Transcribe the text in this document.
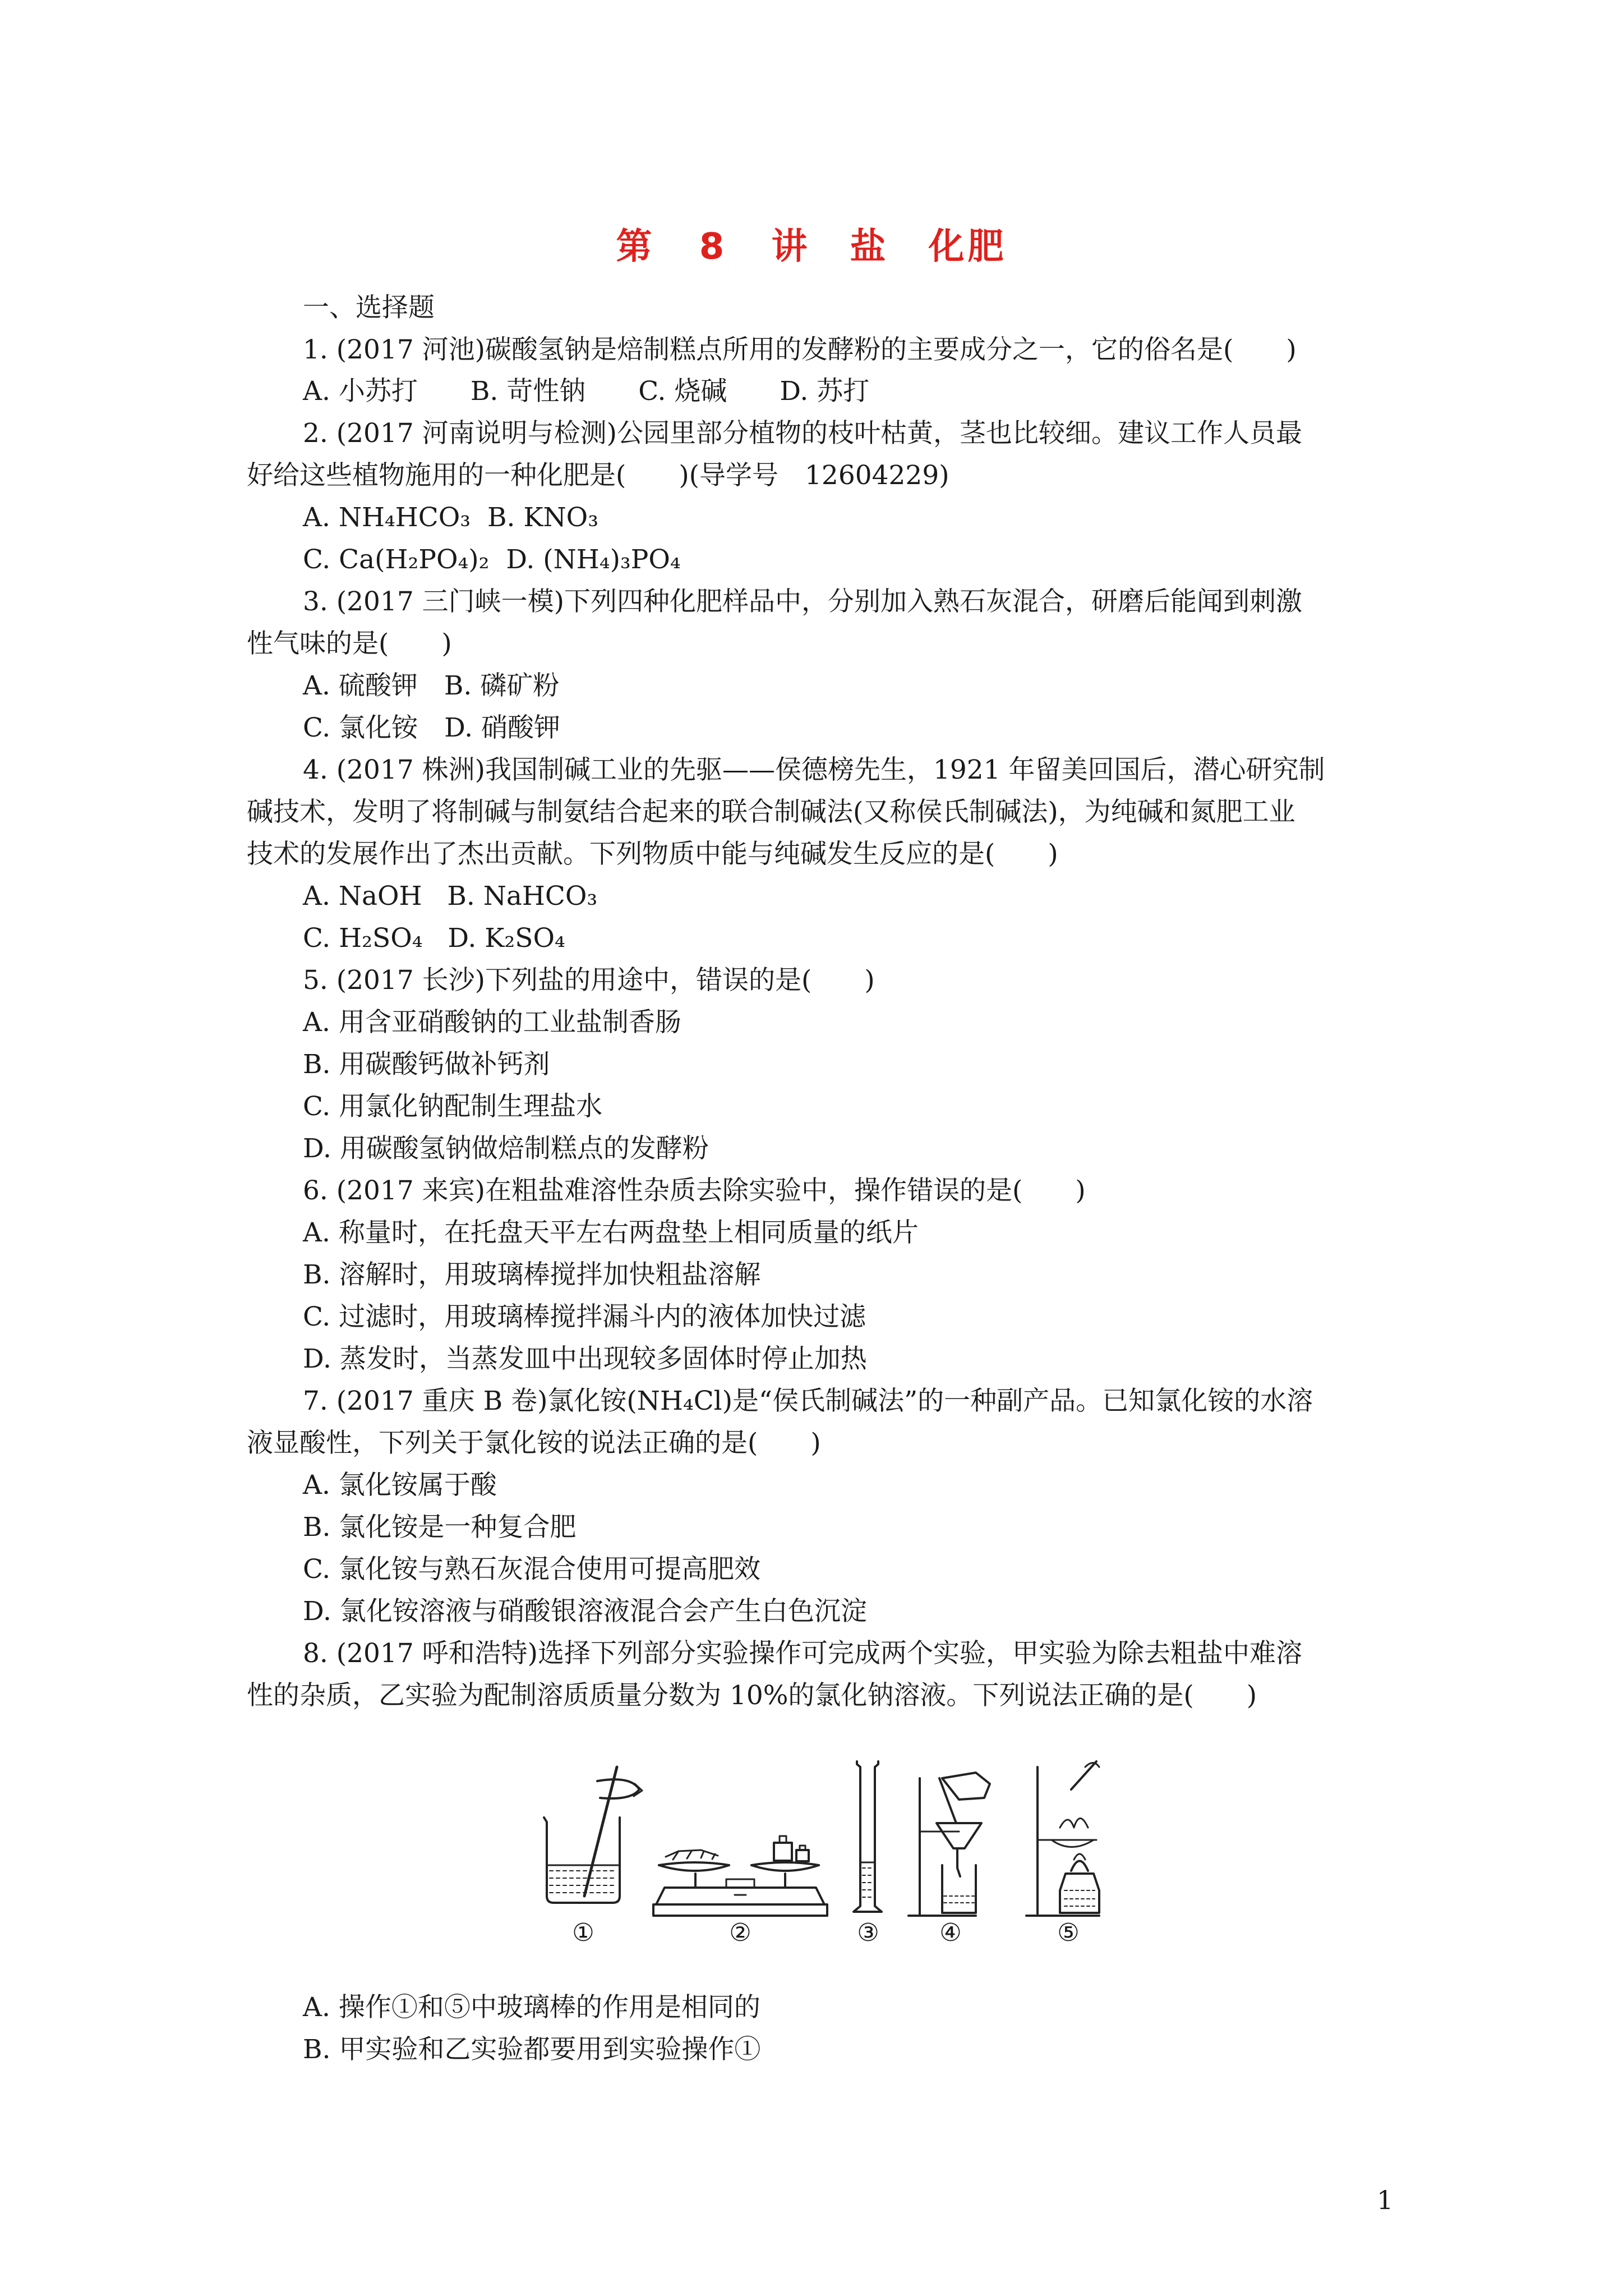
第 8 讲　盐　化肥
一、选择题
1. (2017 河池)碳酸氢钠是焙制糕点所用的发酵粉的主要成分之一，它的俗名是(　　)
A. 小苏打　　B. 苛性钠　　C. 烧碱　　D. 苏打
2. (2017 河南说明与检测)公园里部分植物的枝叶枯黄，茎也比较细。建议工作人员最
好给这些植物施用的一种化肥是(　　)(导学号　12604229)
A. NH₄HCO₃ B. KNO₃
C. Ca(H₂PO₄)₂ D. (NH₄)₃PO₄
3. (2017 三门峡一模)下列四种化肥样品中，分别加入熟石灰混合，研磨后能闻到刺激
性气味的是(　　)
A. 硫酸钾　B. 磷矿粉
C. 氯化铵　D. 硝酸钾
4. (2017 株洲)我国制碱工业的先驱——侯德榜先生，1921 年留美回国后，潜心研究制
碱技术，发明了将制碱与制氨结合起来的联合制碱法(又称侯氏制碱法)，为纯碱和氮肥工业
技术的发展作出了杰出贡献。下列物质中能与纯碱发生反应的是(　　)
A. NaOH B. NaHCO₃
C. H₂SO₄ D. K₂SO₄
5. (2017 长沙)下列盐的用途中，错误的是(　　)
A. 用含亚硝酸钠的工业盐制香肠
B. 用碳酸钙做补钙剂
C. 用氯化钠配制生理盐水
D. 用碳酸氢钠做焙制糕点的发酵粉
6. (2017 来宾)在粗盐难溶性杂质去除实验中，操作错误的是(　　)
A. 称量时，在托盘天平左右两盘垫上相同质量的纸片
B. 溶解时，用玻璃棒搅拌加快粗盐溶解
C. 过滤时，用玻璃棒搅拌漏斗内的液体加快过滤
D. 蒸发时，当蒸发皿中出现较多固体时停止加热
7. (2017 重庆 B 卷)氯化铵(NH₄Cl)是“侯氏制碱法”的一种副产品。已知氯化铵的水溶
液显酸性，下列关于氯化铵的说法正确的是(　　)
A. 氯化铵属于酸
B. 氯化铵是一种复合肥
C. 氯化铵与熟石灰混合使用可提高肥效
D. 氯化铵溶液与硝酸银溶液混合会产生白色沉淀
8. (2017 呼和浩特)选择下列部分实验操作可完成两个实验，甲实验为除去粗盐中难溶
性的杂质，乙实验为配制溶质质量分数为 10%的氯化钠溶液。下列说法正确的是(　　)
①	②	③ ④	⑤
A. 操作①和⑤中玻璃棒的作用是相同的
B. 甲实验和乙实验都要用到实验操作①
1
